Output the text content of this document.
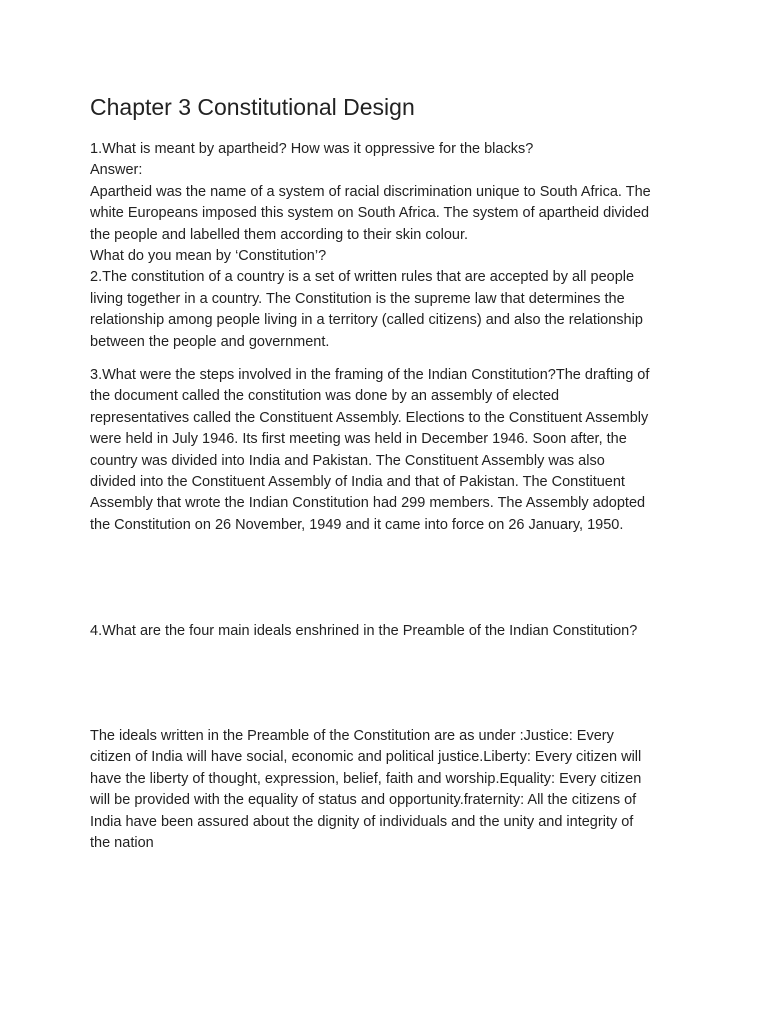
Chapter 3 Constitutional Design
1.What is meant by apartheid? How was it oppressive for the blacks?
Answer:
Apartheid was the name of a system of racial discrimination unique to South Africa. The
white Europeans imposed this system on South Africa. The system of apartheid divided
the people and labelled them according to their skin colour.
What do you mean by ‘Constitution’?
2.The constitution of a country is a set of written rules that are accepted by all people
living together in a country. The Constitution is the supreme law that determines the
relationship among people living in a territory (called citizens) and also the relationship
between the people and government.
3.What were the steps involved in the framing of the Indian Constitution?The drafting of
the document called the constitution was done by an assembly of elected
representatives called the Constituent Assembly. Elections to the Constituent Assembly
were held in July 1946. Its first meeting was held in December 1946. Soon after, the
country was divided into India and Pakistan. The Constituent Assembly was also
divided into the Constituent Assembly of India and that of Pakistan. The Constituent
Assembly that wrote the Indian Constitution had 299 members. The Assembly adopted
the Constitution on 26 November, 1949 and it came into force on 26 January, 1950.
4.What are the four main ideals enshrined in the Preamble of the Indian Constitution?
The ideals written in the Preamble of the Constitution are as under :Justice: Every
citizen of India will have social, economic and political justice.Liberty: Every citizen will
have the liberty of thought, expression, belief, faith and worship.Equality: Every citizen
will be provided with the equality of status and opportunity.fraternity: All the citizens of
India have been assured about the dignity of individuals and the unity and integrity of
the nation
